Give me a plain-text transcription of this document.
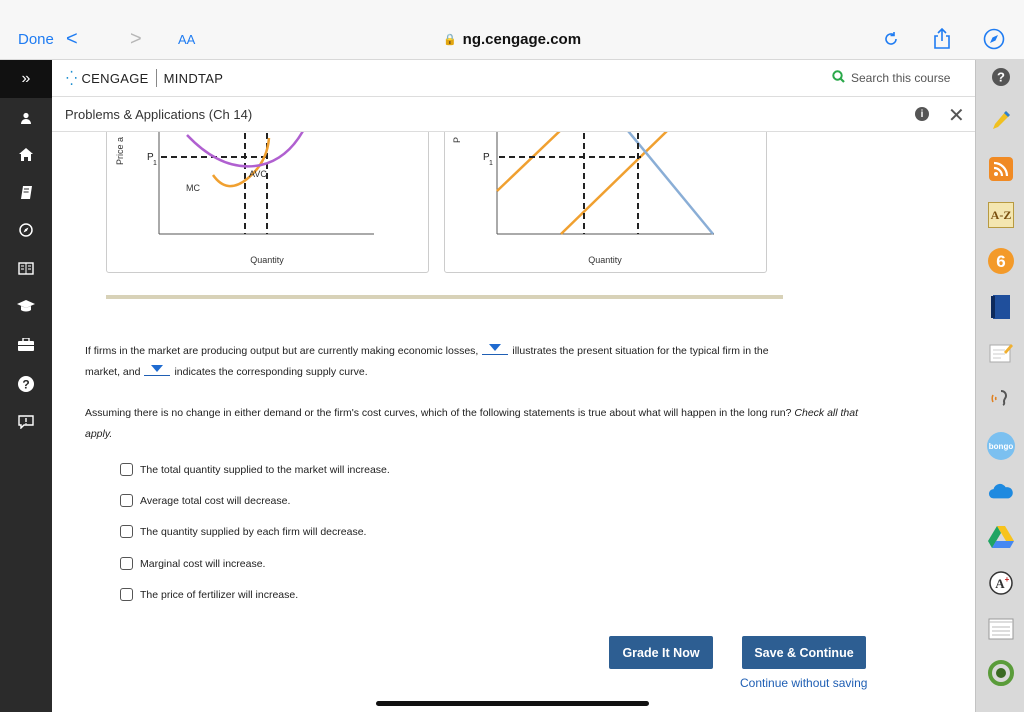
Done <	>	AA	🔒 ng.cengage.com
»
?
⁛ CENGAGE MINDTAP	Search this course
Problems & Applications (Ch 14)	i ✕
?
A-Z
6
bongo
A +
Price a P
1
MC
AVC
Quantity
P
P
1
Quantity
If firms in the market are producing output but are currently making economic losses,	illustrates the present situation for the typical firm in the
market, and	indicates the corresponding supply curve.
Assuming there is no change in either demand or the firm's cost curves, which of the following statements is true about what will happen in the long run? Check all that apply.
The total quantity supplied to the market will increase.
Average total cost will decrease.
The quantity supplied by each firm will decrease.
Marginal cost will increase.
The price of fertilizer will increase.
Grade It Now	Save & Continue
Continue without saving
